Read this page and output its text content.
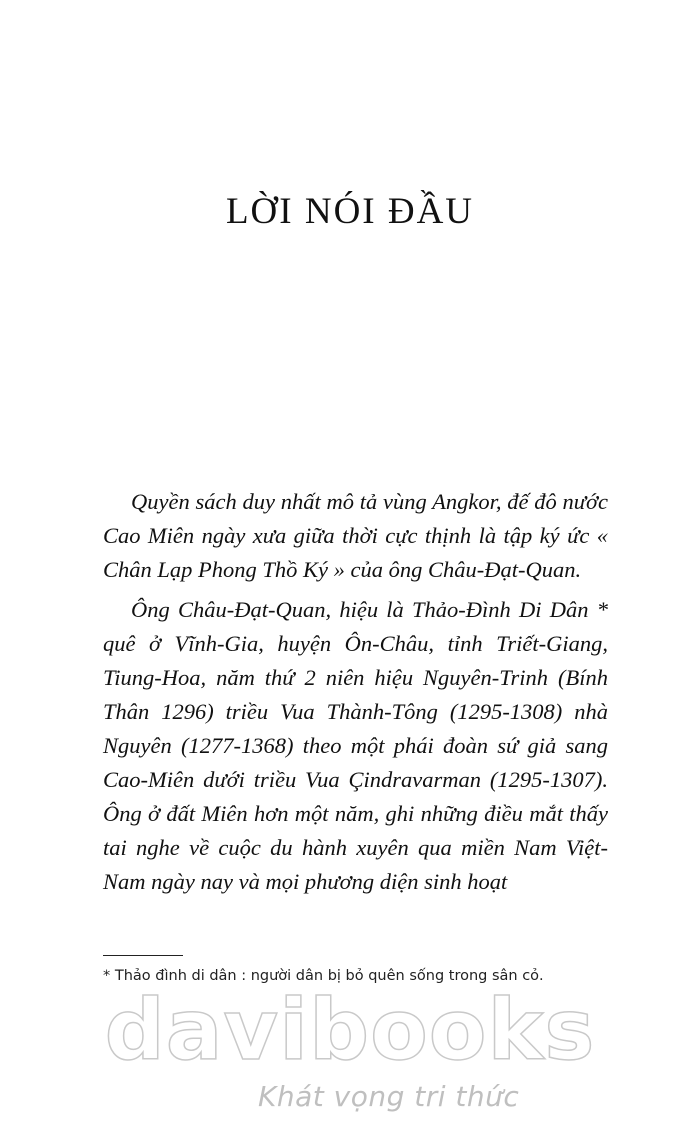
LỜI NÓI ĐẦU

Quyền sách duy nhất mô tả vùng Angkor, đế đô nước Cao Miên ngày xưa giữa thời cực thịnh là tập ký ức « Chân Lạp Phong Thồ Ký » của ông Châu-Đạt-Quan.

Ông Châu-Đạt-Quan, hiệu là Thảo-Đình Di Dân * quê ở Vĩnh-Gia, huyện Ôn-Châu, tỉnh Triết-Giang, Tiung-Hoa, năm thứ 2 niên hiệu Nguyên-Trinh (Bính Thân 1296) triều Vua Thành-Tông (1295-1308) nhà Nguyên (1277-1368) theo một phái đoàn sứ giả sang Cao-Miên dưới triều Vua Çindravarman (1295-1307). Ông ở đất Miên hơn một năm, ghi những điều mắt thấy tai nghe về cuộc du hành xuyên qua miền Nam Việt-Nam ngày nay và mọi phương diện sinh hoạt

* Thảo đình di dân : người dân bị bỏ quên sống trong sân cỏ.
davibooks
Khát vọng tri thức
